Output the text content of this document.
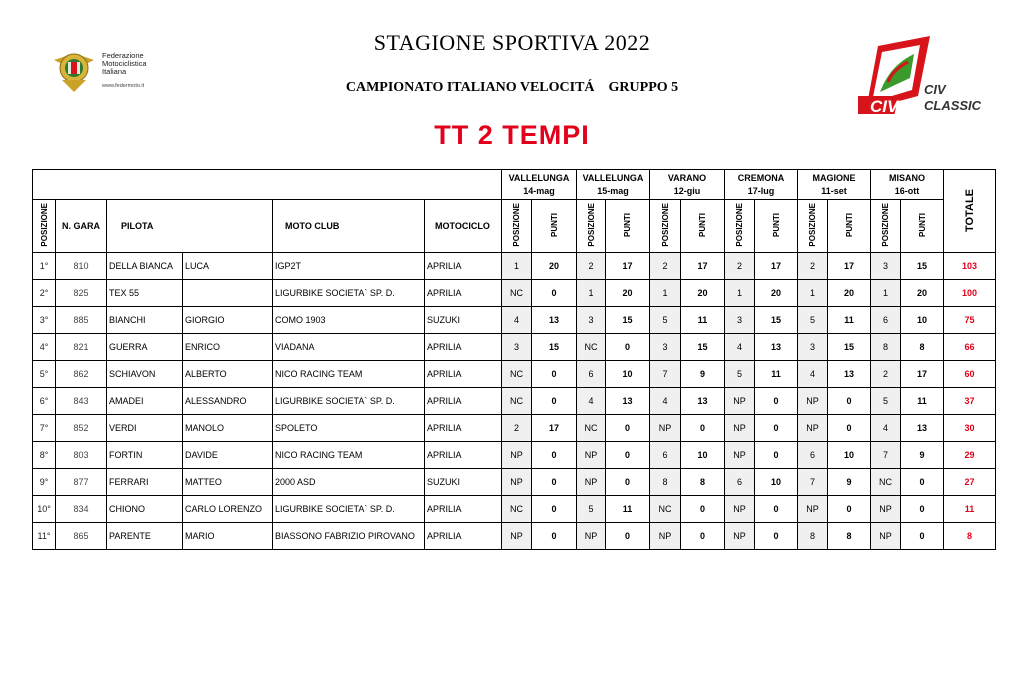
STAGIONE SPORTIVA 2022
CAMPIONATO ITALIANO VELOCITÁ GRUPPO 5
TT 2 TEMPI
Federazione
Motociclistica
Italiana
www.federmoto.it
CIV
CIV
CLASSIC

						VALLELUNGA
14-mag		VALLELUNGA
15-mag		VARANO
12-giu		CREMONA
17-lug		MAGIONE
11-set		MISANO
16-ott		TOTALE
POSIZIONE	N. GARA	PILOTA		MOTO CLUB	MOTOCICLO	POSIZIONE	PUNTI	POSIZIONE	PUNTI	POSIZIONE	PUNTI	POSIZIONE	PUNTI	POSIZIONE	PUNTI	POSIZIONE	PUNTI	
1°	810	DELLA BIANCA	LUCA	IGP2T	APRILIA	1	20	2	17	2	17	2	17	2	17	3	15	103
2°	825	TEX 55		LIGURBIKE SOCIETA` SP. D.	APRILIA	NC	0	1	20	1	20	1	20	1	20	1	20	100
3°	885	BIANCHI	GIORGIO	COMO 1903	SUZUKI	4	13	3	15	5	11	3	15	5	11	6	10	75
4°	821	GUERRA	ENRICO	VIADANA	APRILIA	3	15	NC	0	3	15	4	13	3	15	8	8	66
5°	862	SCHIAVON	ALBERTO	NICO RACING TEAM	APRILIA	NC	0	6	10	7	9	5	11	4	13	2	17	60
6°	843	AMADEI	ALESSANDRO	LIGURBIKE SOCIETA` SP. D.	APRILIA	NC	0	4	13	4	13	NP	0	NP	0	5	11	37
7°	852	VERDI	MANOLO	SPOLETO	APRILIA	2	17	NC	0	NP	0	NP	0	NP	0	4	13	30
8°	803	FORTIN	DAVIDE	NICO RACING TEAM	APRILIA	NP	0	NP	0	6	10	NP	0	6	10	7	9	29
9°	877	FERRARI	MATTEO	2000 ASD	SUZUKI	NP	0	NP	0	8	8	6	10	7	9	NC	0	27
10°	834	CHIONO	CARLO LORENZO	LIGURBIKE SOCIETA` SP. D.	APRILIA	NC	0	5	11	NC	0	NP	0	NP	0	NP	0	11
11°	865	PARENTE	MARIO	BIASSONO FABRIZIO PIROVANO	APRILIA	NP	0	NP	0	NP	0	NP	0	8	8	NP	0	8
